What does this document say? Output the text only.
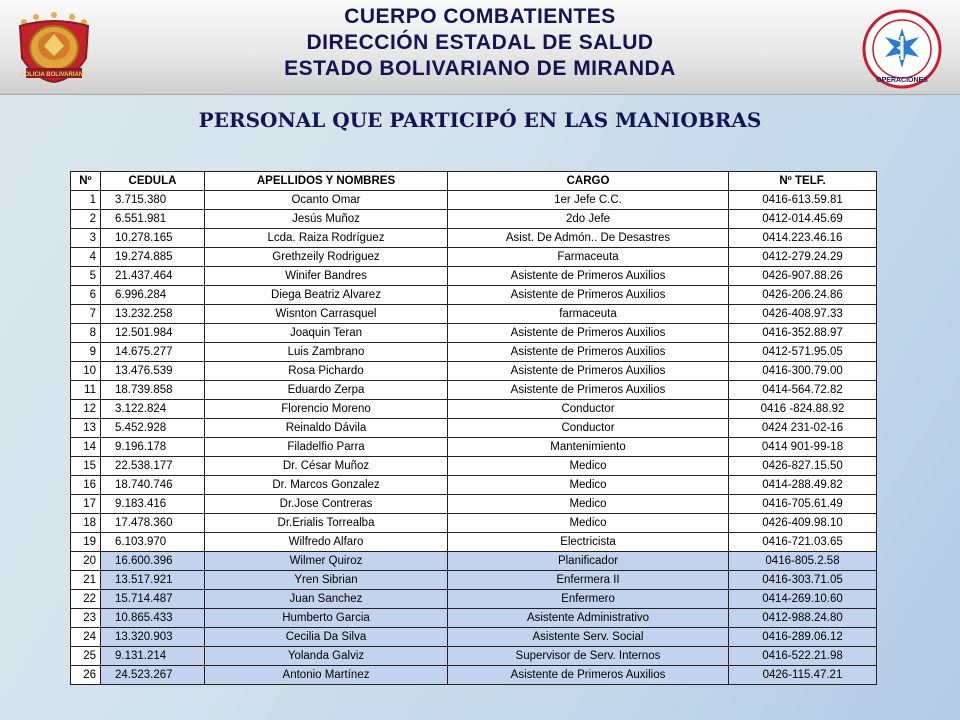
POLICIA BOLIVARIANA
CUERPO COMBATIENTES
DIRECCIÓN ESTADAL DE SALUD
ESTADO BOLIVARIANO DE MIRANDA
OPERACIONES
PERSONAL QUE PARTICIPÓ EN LAS MANIOBRAS
Nº	CEDULA	APELLIDOS Y NOMBRES	CARGO	Nº TELF.
1	3.715.380	Ocanto Omar	1er Jefe C.C.	0416-613.59.81
2	6.551.981	Jesús Muñoz	2do Jefe	0412-014.45.69
3	10.278.165	Lcda. Raiza Rodríguez	Asist. De Admón.. De Desastres	0414.223.46.16
4	19.274.885	Grethzeily Rodriguez	Farmaceuta	0412-279.24.29
5	21.437.464	Winifer Bandres	Asistente de Primeros Auxilios	0426-907.88.26
6	6.996.284	Diega Beatriz Alvarez	Asistente de Primeros Auxilios	0426-206.24.86
7	13.232.258	Wisnton Carrasquel	farmaceuta	0426-408.97.33
8	12.501.984	Joaquin Teran	Asistente de Primeros Auxilios	0416-352.88.97
9	14.675.277	Luis Zambrano	Asistente de Primeros Auxilios	0412-571.95.05
10	13.476.539	Rosa Pichardo	Asistente de Primeros Auxilios	0416-300.79.00
11	18.739.858	Eduardo Zerpa	Asistente de Primeros Auxilios	0414-564.72.82
12	3.122.824	Florencio Moreno	Conductor	0416 -824.88.92
13	5.452.928	Reinaldo Dávila	Conductor	0424 231-02-16
14	9.196.178	Filadelfio Parra	Mantenimiento	0414 901-99-18
15	22.538.177	Dr. César Muñoz	Medico	0426-827.15.50
16	18.740.746	Dr. Marcos Gonzalez	Medico	0414-288.49.82
17	9.183.416	Dr.Jose Contreras	Medico	0416-705.61.49
18	17.478.360	Dr.Erialis Torrealba	Medico	0426-409.98.10
19	6.103.970	Wilfredo Alfaro	Electricista	0416-721.03.65
20	16.600.396	Wilmer Quiroz	Planificador	0416-805.2.58
21	13.517.921	Yren Sibrian	Enfermera II	0416-303.71.05
22	15.714.487	Juan Sanchez	Enfermero	0414-269.10.60
23	10.865.433	Humberto Garcia	Asistente Administrativo	0412-988.24.80
24	13.320.903	Cecilia Da Silva	Asistente Serv. Social	0416-289.06.12
25	9.131.214	Yolanda Galviz	Supervisor de Serv. Internos	0416-522.21.98
26	24.523.267	Antonio Martínez	Asistente de Primeros Auxilios	0426-115.47.21
